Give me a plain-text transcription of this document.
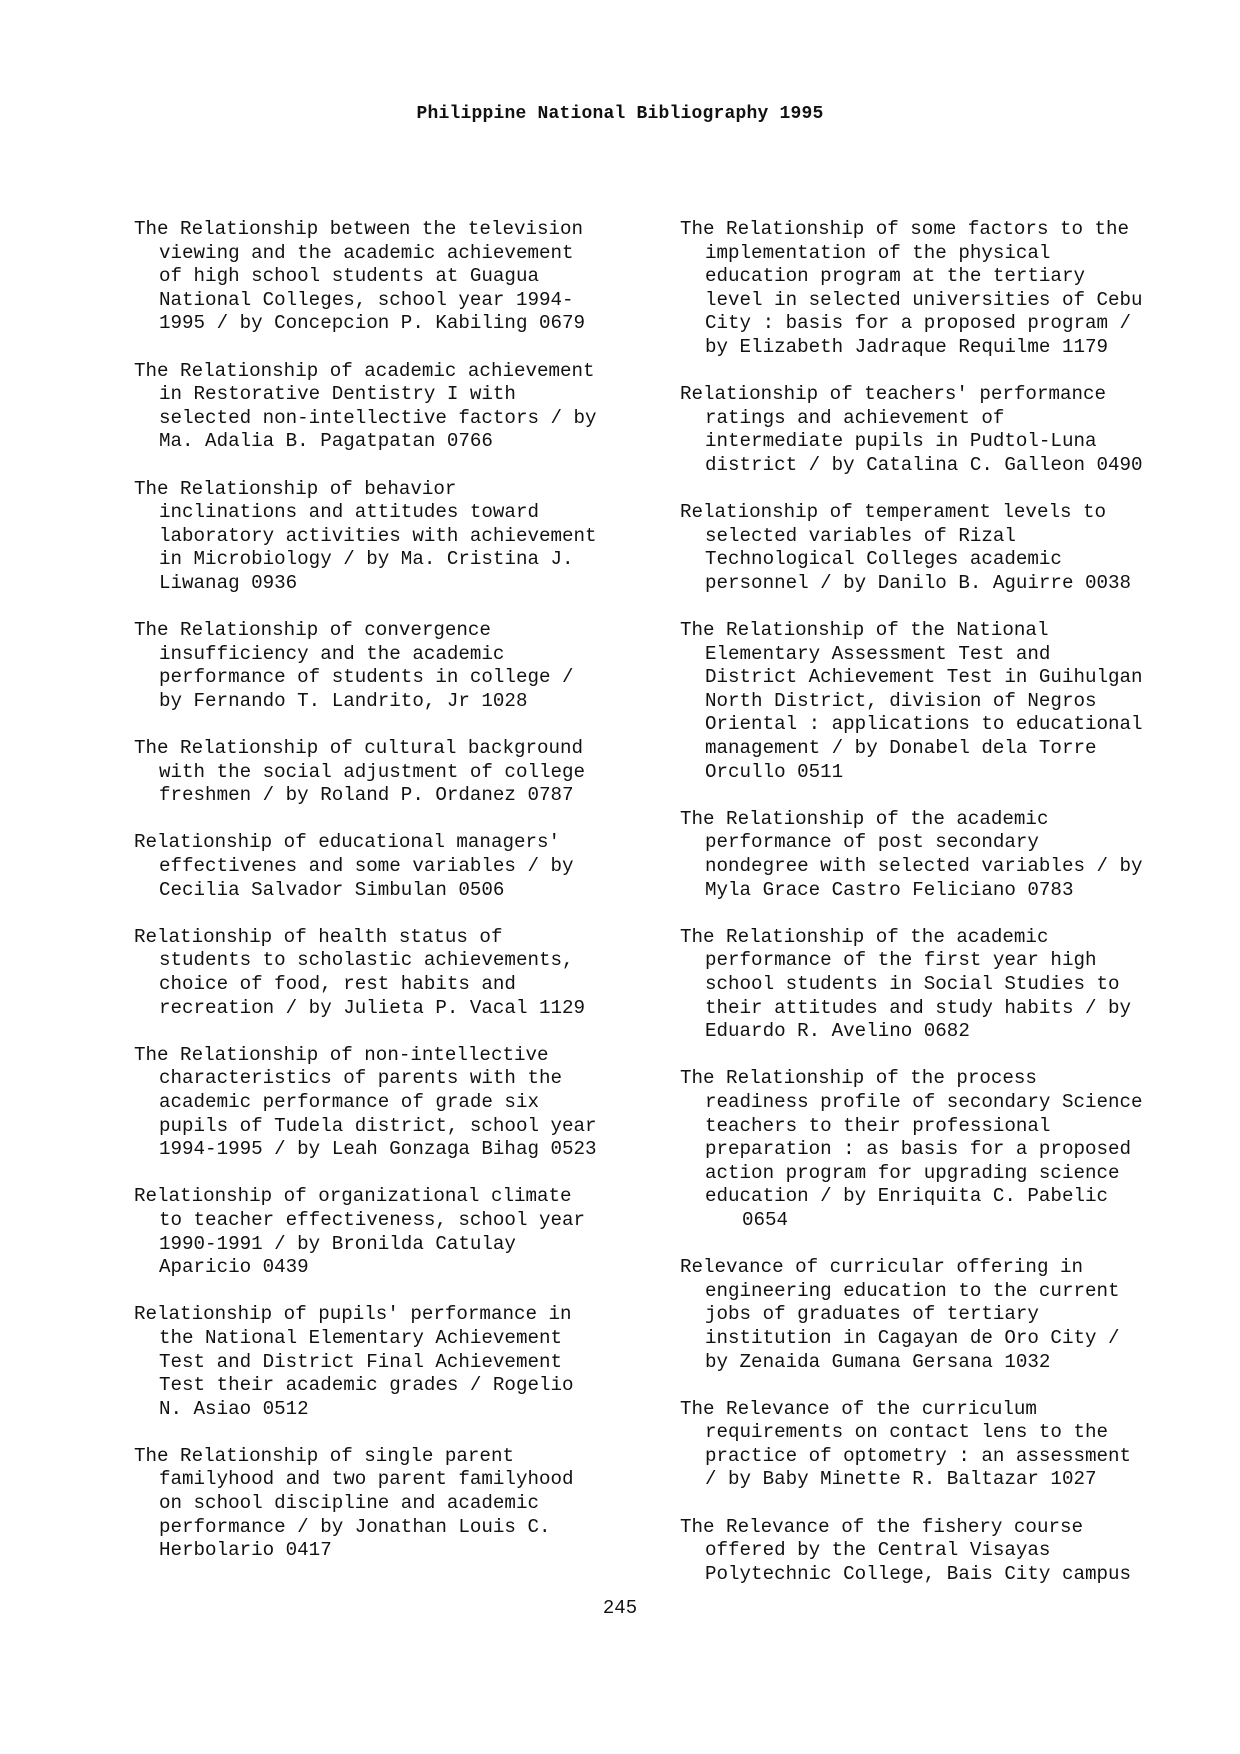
Philippine National Bibliography 1995
The Relationship between the television
viewing and the academic achievement
of high school students at Guagua
National Colleges, school year 1994-
1995 / by Concepcion P. Kabiling 0679
The Relationship of academic achievement
in Restorative Dentistry I with
selected non-intellective factors / by
Ma. Adalia B. Pagatpatan 0766
The Relationship of behavior
inclinations and attitudes toward
laboratory activities with achievement
in Microbiology / by Ma. Cristina J.
Liwanag 0936
The Relationship of convergence
insufficiency and the academic
performance of students in college /
by Fernando T. Landrito, Jr 1028
The Relationship of cultural background
with the social adjustment of college
freshmen / by Roland P. Ordanez 0787
Relationship of educational managers'
effectivenes and some variables / by
Cecilia Salvador Simbulan 0506
Relationship of health status of
students to scholastic achievements,
choice of food, rest habits and
recreation / by Julieta P. Vacal 1129
The Relationship of non-intellective
characteristics of parents with the
academic performance of grade six
pupils of Tudela district, school year
1994-1995 / by Leah Gonzaga Bihag 0523
Relationship of organizational climate
to teacher effectiveness, school year
1990-1991 / by Bronilda Catulay
Aparicio 0439
Relationship of pupils' performance in
the National Elementary Achievement
Test and District Final Achievement
Test their academic grades / Rogelio
N. Asiao 0512
The Relationship of single parent
familyhood and two parent familyhood
on school discipline and academic
performance / by Jonathan Louis C.
Herbolario 0417
The Relationship of some factors to the
implementation of the physical
education program at the tertiary
level in selected universities of Cebu
City : basis for a proposed program /
by Elizabeth Jadraque Requilme 1179
Relationship of teachers' performance
ratings and achievement of
intermediate pupils in Pudtol-Luna
district / by Catalina C. Galleon 0490
Relationship of temperament levels to
selected variables of Rizal
Technological Colleges academic
personnel / by Danilo B. Aguirre 0038
The Relationship of the National
Elementary Assessment Test and
District Achievement Test in Guihulgan
North District, division of Negros
Oriental : applications to educational
management / by Donabel dela Torre
Orcullo 0511
The Relationship of the academic
performance of post secondary
nondegree with selected variables / by
Myla Grace Castro Feliciano 0783
The Relationship of the academic
performance of the first year high
school students in Social Studies to
their attitudes and study habits / by
Eduardo R. Avelino 0682
The Relationship of the process
readiness profile of secondary Science
teachers to their professional
preparation : as basis for a proposed
action program for upgrading science
education / by Enriquita C. Pabelic
0654
Relevance of curricular offering in
engineering education to the current
jobs of graduates of tertiary
institution in Cagayan de Oro City /
by Zenaida Gumana Gersana 1032
The Relevance of the curriculum
requirements on contact lens to the
practice of optometry : an assessment
/ by Baby Minette R. Baltazar 1027
The Relevance of the fishery course
offered by the Central Visayas
Polytechnic College, Bais City campus
245
